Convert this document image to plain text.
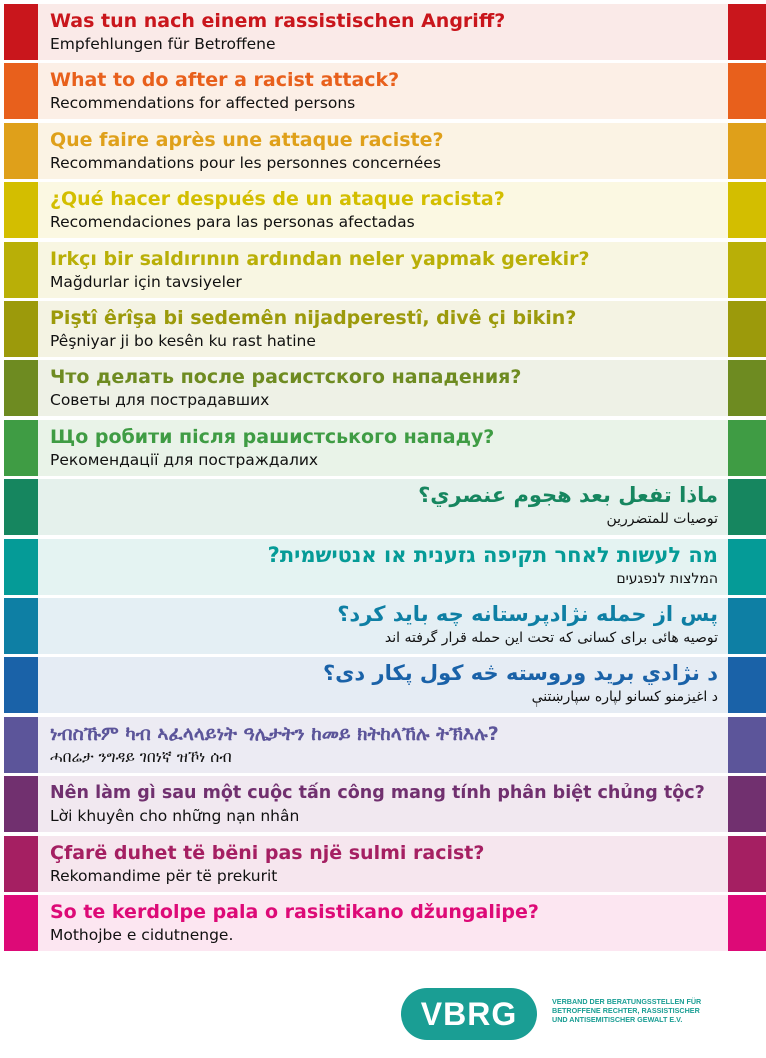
Was tun nach einem rassistischen Angriff?
Empfehlungen für Betroffene
What to do after a racist attack?
Recommendations for affected persons
Que faire après une attaque raciste?
Recommandations pour les personnes concernées
¿Qué hacer después de un ataque racista?
Recomendaciones para las personas afectadas
Irkçı bir saldırının ardından neler yapmak gerekir?
Mağdurlar için tavsiyeler
Piştî êrîşa bi sedemên nijadperestî, divê çi bikin?
Pêşniyar ji bo kesên ku rast hatine
Что делать после расистского нападения?
Советы для пострадавших
Що робити після рашистського нападу?
Рекомендації для постраждалих
ماذا تفعل بعد هجوم عنصري؟
توصيات للمتضررين
מה לעשות לאחר תקיפה גזענית או אנטישמית?
המלצות לנפגעים
پس از حمله نژادپرستانه چه باید کرد؟
توصیه هائی برای کسانی که تحت این حمله قرار گرفته اند
د نژادي برید وروسته څه کول پکار دی؟
د اغیزمنو کسانو لپاره سپارښتنې
ነብስኹም ካብ ኣፈላላይነት ዓሌታትን ከመይ ክትከላኸሉ ትኽእሉ?
ሓበሬታ ንግዳይ ገበነኛ ዝኾነ ሰብ
Nên làm gì sau một cuộc tấn công mang tính phân biệt chủng tộc?
Lời khuyên cho những nạn nhân
Çfarë duhet të bëni pas një sulmi racist?
Rekomandime për të prekurit
So te kerdolpe pala o rasistikano džungalipe?
Mothojbe e cidutnenge.
VBRG	VERBAND DER BERATUNGSSTELLEN FÜR
BETROFFENE RECHTER, RASSISTISCHER
UND ANTISEMITISCHER GEWALT E.V.
